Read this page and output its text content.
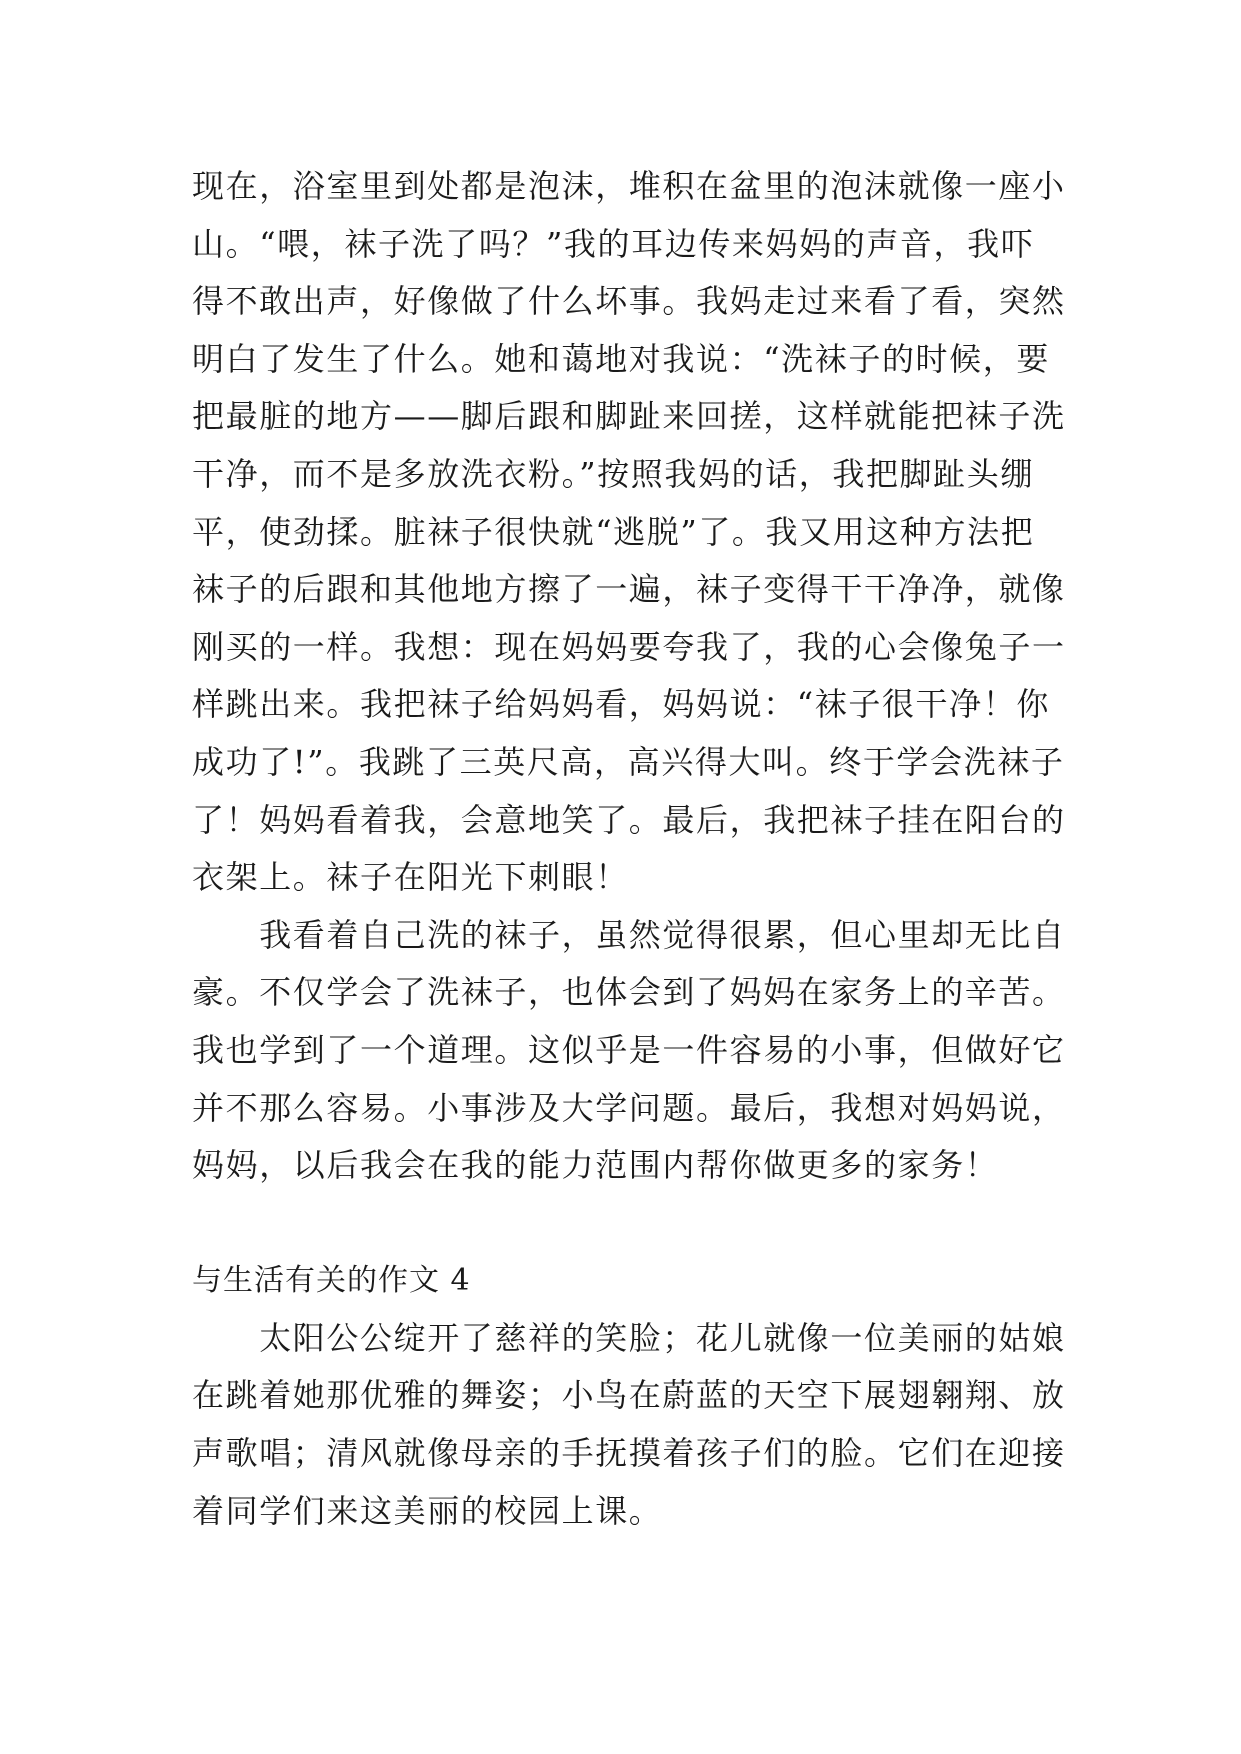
现在，浴室里到处都是泡沫，堆积在盆里的泡沫就像一座小
山。“喂，袜子洗了吗？”我的耳边传来妈妈的声音，我吓
得不敢出声，好像做了什么坏事。我妈走过来看了看，突然
明白了发生了什么。她和蔼地对我说：“洗袜子的时候，要
把最脏的地方——脚后跟和脚趾来回搓，这样就能把袜子洗
干净，而不是多放洗衣粉。”按照我妈的话，我把脚趾头绷
平，使劲揉。脏袜子很快就“逃脱”了。我又用这种方法把
袜子的后跟和其他地方擦了一遍，袜子变得干干净净，就像
刚买的一样。我想：现在妈妈要夸我了，我的心会像兔子一
样跳出来。我把袜子给妈妈看，妈妈说：“袜子很干净！你
成功了!”。我跳了三英尺高，高兴得大叫。终于学会洗袜子
了！妈妈看着我，会意地笑了。最后，我把袜子挂在阳台的
衣架上。袜子在阳光下刺眼！
　　我看着自己洗的袜子，虽然觉得很累，但心里却无比自
豪。不仅学会了洗袜子，也体会到了妈妈在家务上的辛苦。
我也学到了一个道理。这似乎是一件容易的小事，但做好它
并不那么容易。小事涉及大学问题。最后，我想对妈妈说，
妈妈，以后我会在我的能力范围内帮你做更多的家务！
与生活有关的作文 4
　　太阳公公绽开了慈祥的笑脸；花儿就像一位美丽的姑娘
在跳着她那优雅的舞姿；小鸟在蔚蓝的天空下展翅翱翔、放
声歌唱；清风就像母亲的手抚摸着孩子们的脸。它们在迎接
着同学们来这美丽的校园上课。
